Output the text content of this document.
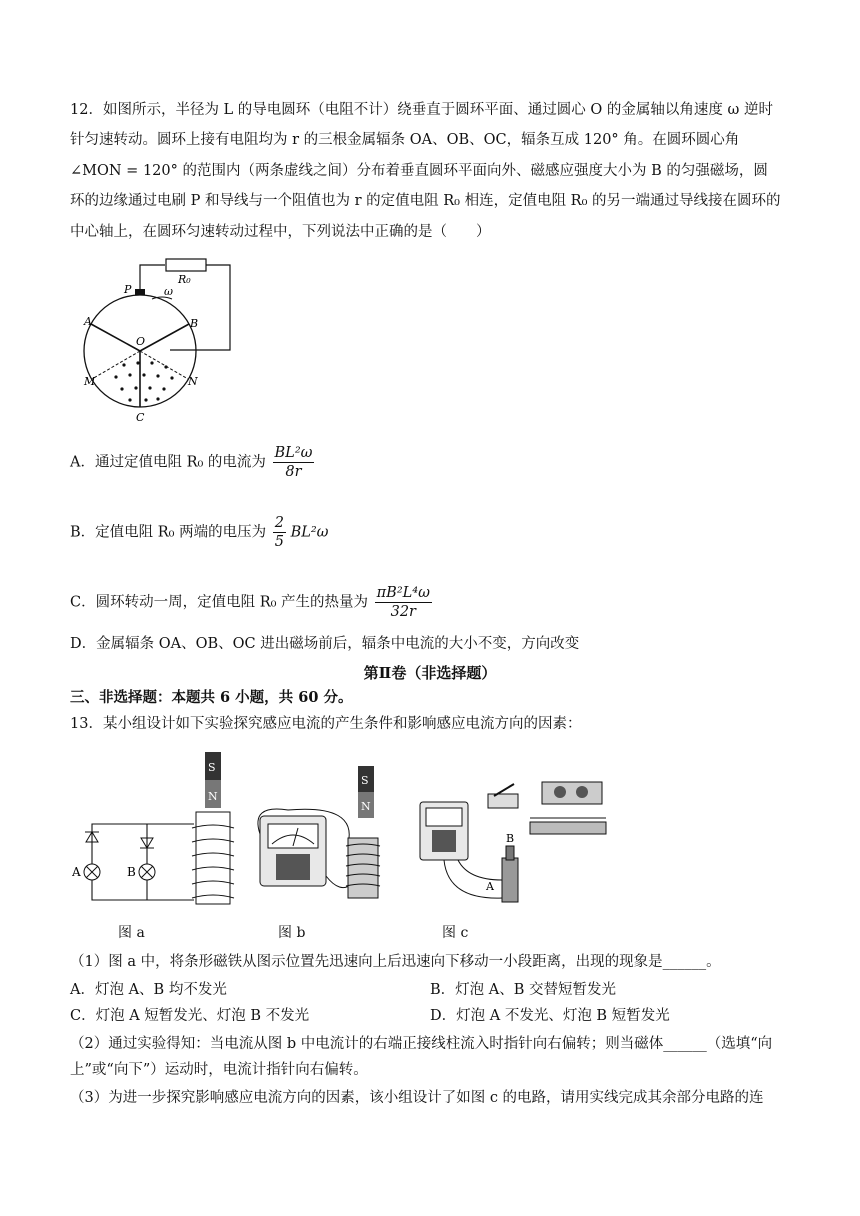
12．如图所示，半径为 L 的导电圆环（电阻不计）绕垂直于圆环平面、通过圆心 O 的金属轴以角速度 ω 逆时
针匀速转动。圆环上接有电阻均为 r 的三根金属辐条 OA、OB、OC，辐条互成 120° 角。在圆环圆心角
∠MON = 120° 的范围内（两条虚线之间）分布着垂直圆环平面向外、磁感应强度大小为 B 的匀强磁场，圆
环的边缘通过电刷 P 和导线与一个阻值也为 r 的定值电阻 R₀ 相连，定值电阻 R₀ 的另一端通过导线接在圆环的
中心轴上，在圆环匀速转动过程中，下列说法中正确的是（　　）
R₀
P	ω
A	B
O
M	N
C
A．通过定值电阻 R₀ 的电流为 $\frac{\text{BL²ω}}{8r}$
B．定值电阻 R₀ 两端的电压为 $\frac{2}{5} BL^2\omega$
C．圆环转动一周，定值电阻 R₀ 产生的热量为 $\frac{\text{πB²L⁴ω}}{32r}$
D．金属辐条 OA、OB、OC 进出磁场前后，辐条中电流的大小不变，方向改变
第Ⅱ卷（非选择题）
三、非选择题：本题共 6 小题，共 60 分。
13．某小组设计如下实验探究感应电流的产生条件和影响感应电流方向的因素：
S
N
A	B
S
N
B
A
图 a	图 b	图 c
（1）图 a 中，将条形磁铁从图示位置先迅速向上后迅速向下移动一小段距离，出现的现象是______。
A．灯泡 A、B 均不发光	B．灯泡 A、B 交替短暂发光
C．灯泡 A 短暂发光、灯泡 B 不发光	D．灯泡 A 不发光、灯泡 B 短暂发光
（2）通过实验得知：当电流从图 b 中电流计的右端正接线柱流入时指针向右偏转；则当磁体______（选填“向
上”或“向下”）运动时，电流计指针向右偏转。
（3）为进一步探究影响感应电流方向的因素，该小组设计了如图 c 的电路，请用实线完成其余部分电路的连
